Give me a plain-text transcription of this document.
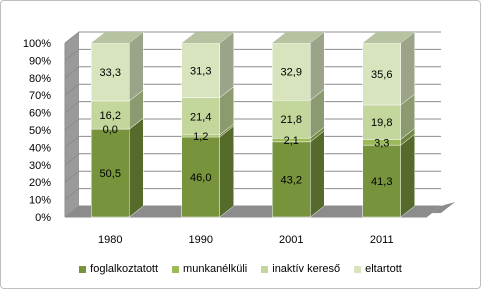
0%
10%
20%
30%
40%
50%
60%
70%
80%
90%
100%
50,5
0,0
16,2
33,3
1980
46,0
1,2
21,4
31,3
1990
43,2
2,1
21,8
32,9
2001
41,3
3,3
19,8
35,6
2011
foglalkoztatott munkanélküli inaktív kereső eltartott
